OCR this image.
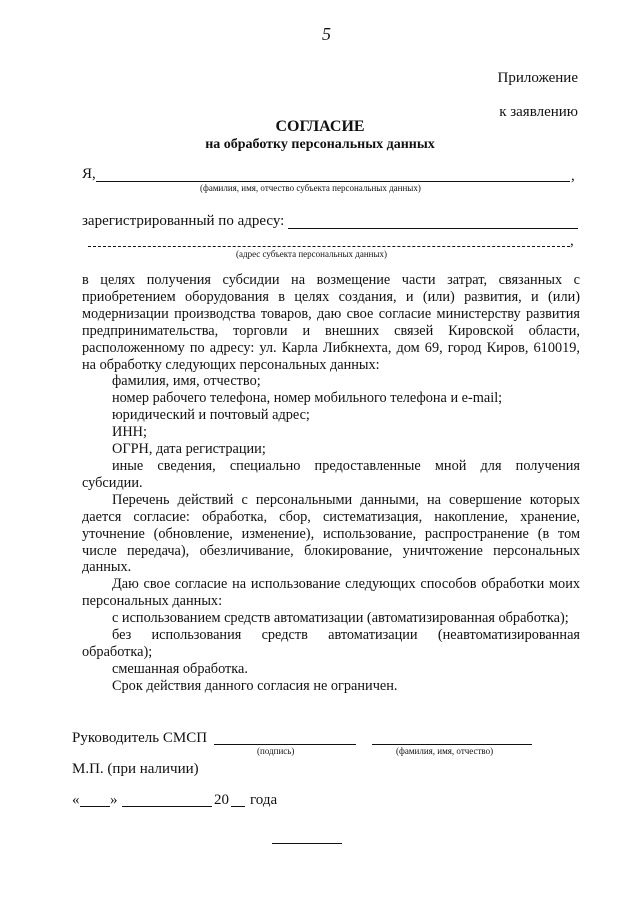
5
Приложение
к заявлению
СОГЛАСИЕ
на обработку персональных данных
Я,	,
(фамилия, имя, отчество субъекта персональных данных)
зарегистрированный по адресу:
,
(адрес субъекта персональных данных)

в целях получения субсидии на возмещение части затрат, связанных с приобретением оборудования в целях создания, и (или) развития, и (или) модернизации производства товаров, даю свое согласие министерству развития предпринимательства, торговли и внешних связей Кировской области, расположенному по адресу: ул. Карла Либкнехта, дом 69, город Киров, 610019, на обработку следующих персональных данных:

фамилия, имя, отчество;

номер рабочего телефона, номер мобильного телефона и e-mail;

юридический и почтовый адрес;

ИНН;

ОГРН, дата регистрации;

иные сведения, специально предоставленные мной для получения субсидии.

Перечень действий с персональными данными, на совершение которых дается согласие: обработка, сбор, систематизация, накопление, хранение, уточнение (обновление, изменение), использование, распространение (в том числе передача), обезличивание, блокирование, уничтожение персональных данных.

Даю свое согласие на использование следующих способов обработки моих персональных данных:

с использованием средств автоматизации (автоматизированная обработка);

без использования средств автоматизации (неавтоматизированная обработка);

смешанная обработка.

Срок действия данного согласия не ограничен.

Руководитель СМСП
(подпись)	(фамилия, имя, отчество)
М.П. (при наличии)
« »	20 года
